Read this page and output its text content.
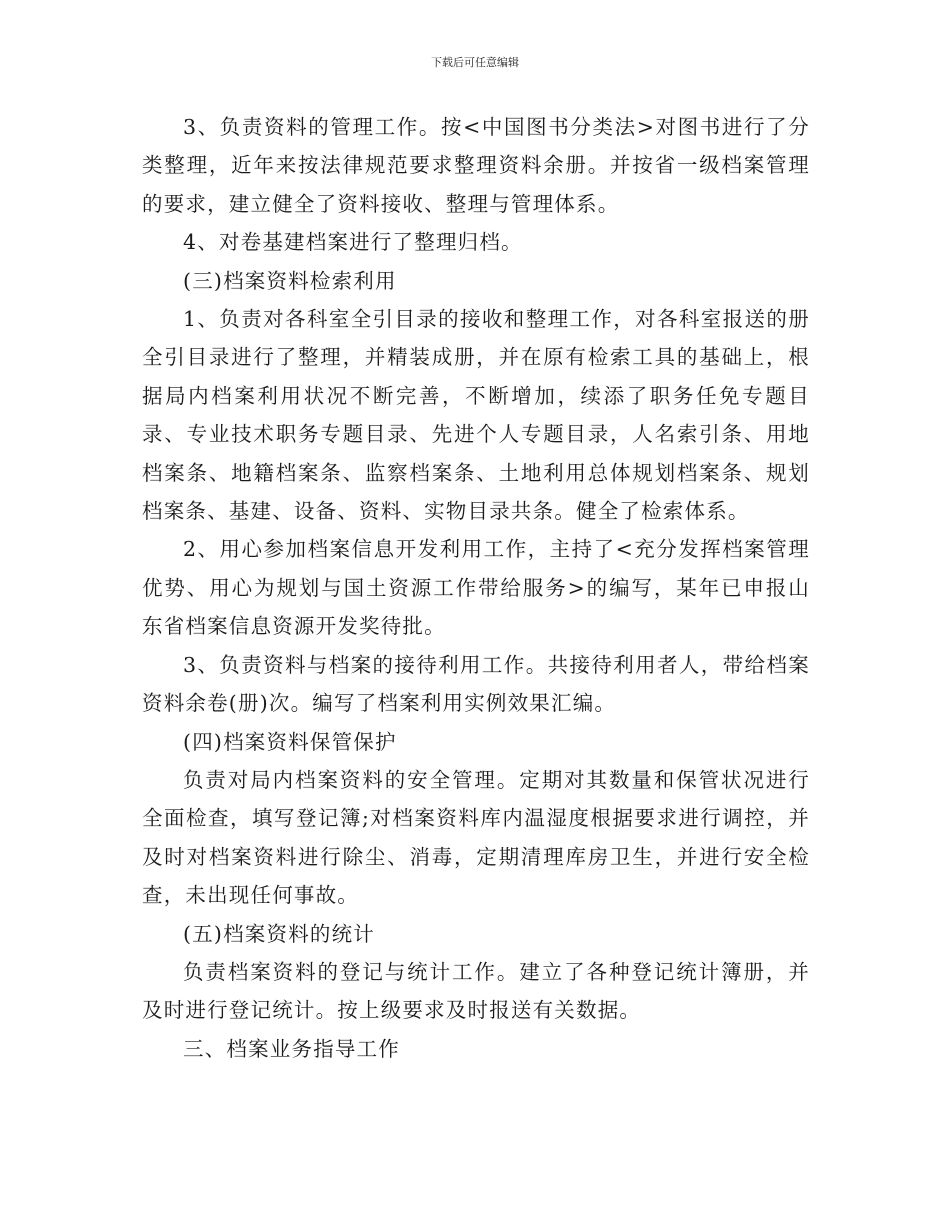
下载后可任意编辑

3、负责资料的管理工作。按<中国图书分类法>对图书进行了分类整理，近年来按法律规范要求整理资料余册。并按省一级档案管理的要求，建立健全了资料接收、整理与管理体系。

4、对卷基建档案进行了整理归档。

(三)档案资料检索利用

1、负责对各科室全引目录的接收和整理工作，对各科室报送的册全引目录进行了整理，并精装成册，并在原有检索工具的基础上，根据局内档案利用状况不断完善，不断增加，续添了职务任免专题目录、专业技术职务专题目录、先进个人专题目录，人名索引条、用地档案条、地籍档案条、监察档案条、土地利用总体规划档案条、规划档案条、基建、设备、资料、实物目录共条。健全了检索体系。

2、用心参加档案信息开发利用工作，主持了<充分发挥档案管理优势、用心为规划与国土资源工作带给服务>的编写，某年已申报山东省档案信息资源开发奖待批。

3、负责资料与档案的接待利用工作。共接待利用者人，带给档案资料余卷(册)次。编写了档案利用实例效果汇编。

(四)档案资料保管保护

负责对局内档案资料的安全管理。定期对其数量和保管状况进行全面检查，填写登记簿;对档案资料库内温湿度根据要求进行调控，并及时对档案资料进行除尘、消毒，定期清理库房卫生，并进行安全检查，未出现任何事故。

(五)档案资料的统计

负责档案资料的登记与统计工作。建立了各种登记统计簿册，并及时进行登记统计。按上级要求及时报送有关数据。

三、档案业务指导工作
